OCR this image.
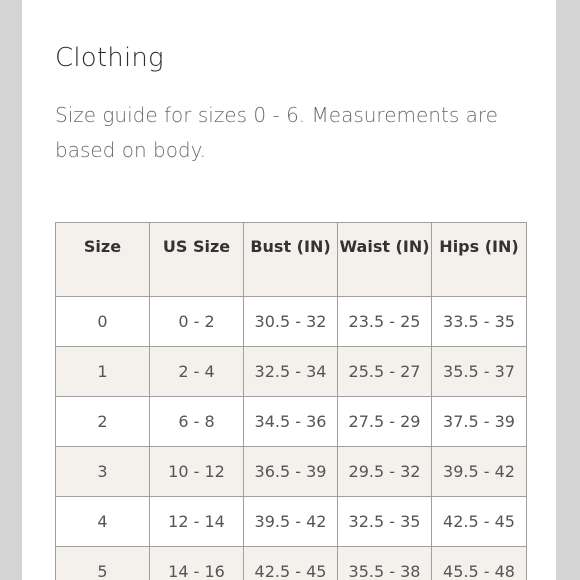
Clothing

Size guide for sizes 0 - 6. Measurements are based on body.

Size	US Size	Bust (IN)	Waist (IN)	Hips (IN)
0	0 - 2	30.5 - 32	23.5 - 25	33.5 - 35
1	2 - 4	32.5 - 34	25.5 - 27	35.5 - 37
2	6 - 8	34.5 - 36	27.5 - 29	37.5 - 39
3	10 - 12	36.5 - 39	29.5 - 32	39.5 - 42
4	12 - 14	39.5 - 42	32.5 - 35	42.5 - 45
5	14 - 16	42.5 - 45	35.5 - 38	45.5 - 48
